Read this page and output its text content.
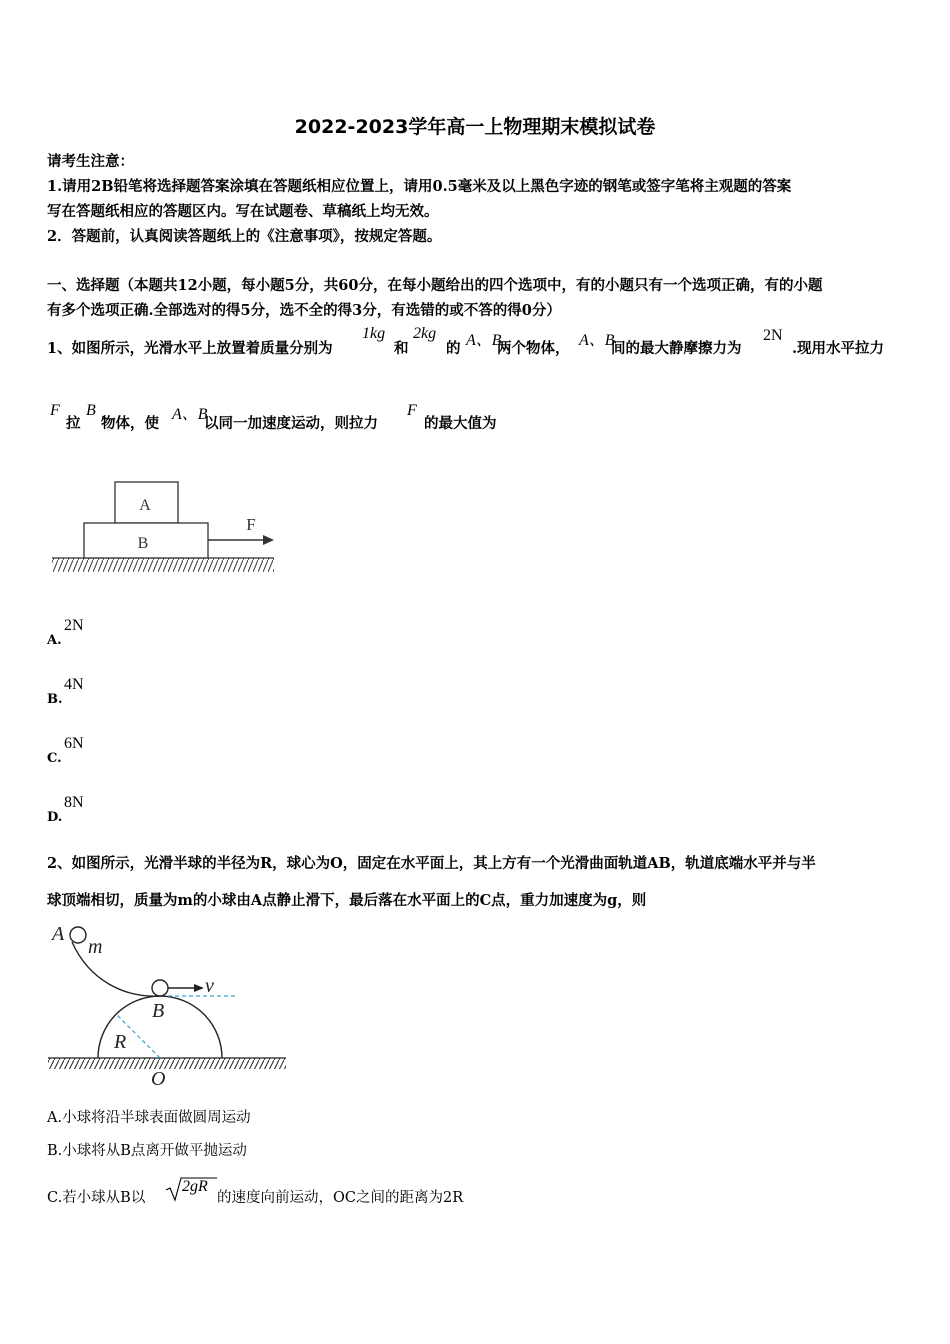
2022-2023学年高一上物理期末模拟试卷
请考生注意：
1.请用2B铅笔将选择题答案涂填在答题纸相应位置上，请用0.5毫米及以上黑色字迹的钢笔或签字笔将主观题的答案
写在答题纸相应的答题区内。写在试题卷、草稿纸上均无效。
2．答题前，认真阅读答题纸上的《注意事项》，按规定答题。
一、选择题（本题共12小题，每小题5分，共60分，在每小题给出的四个选项中，有的小题只有一个选项正确，有的小题
有多个选项正确.全部选对的得5分，选不全的得3分，有选错的或不答的得0分）
1、如图所示，光滑水平上放置着质量分别为
1kg
和
2kg
的 A、B
两个物体， A、B
间的最大静摩擦力为
2N
.现用水平拉力
F
拉
B
物体，使
A、B
以同一加速度运动，则拉力
F
的最大值为
A
B
F
A.
2N
B.
4N
C.
6N
D.
8N
2、如图所示，光滑半球的半径为R，球心为O，固定在水平面上，其上方有一个光滑曲面轨道AB，轨道底端水平并与半
球顶端相切，质量为m的小球由A点静止滑下，最后落在水平面上的C点，重力加速度为g，则
A
m
v
B
R
O
A.小球将沿半球表面做圆周运动
B.小球将从B点离开做平抛运动
C.若小球从B以
2gR
的速度向前运动，OC之间的距离为2R
